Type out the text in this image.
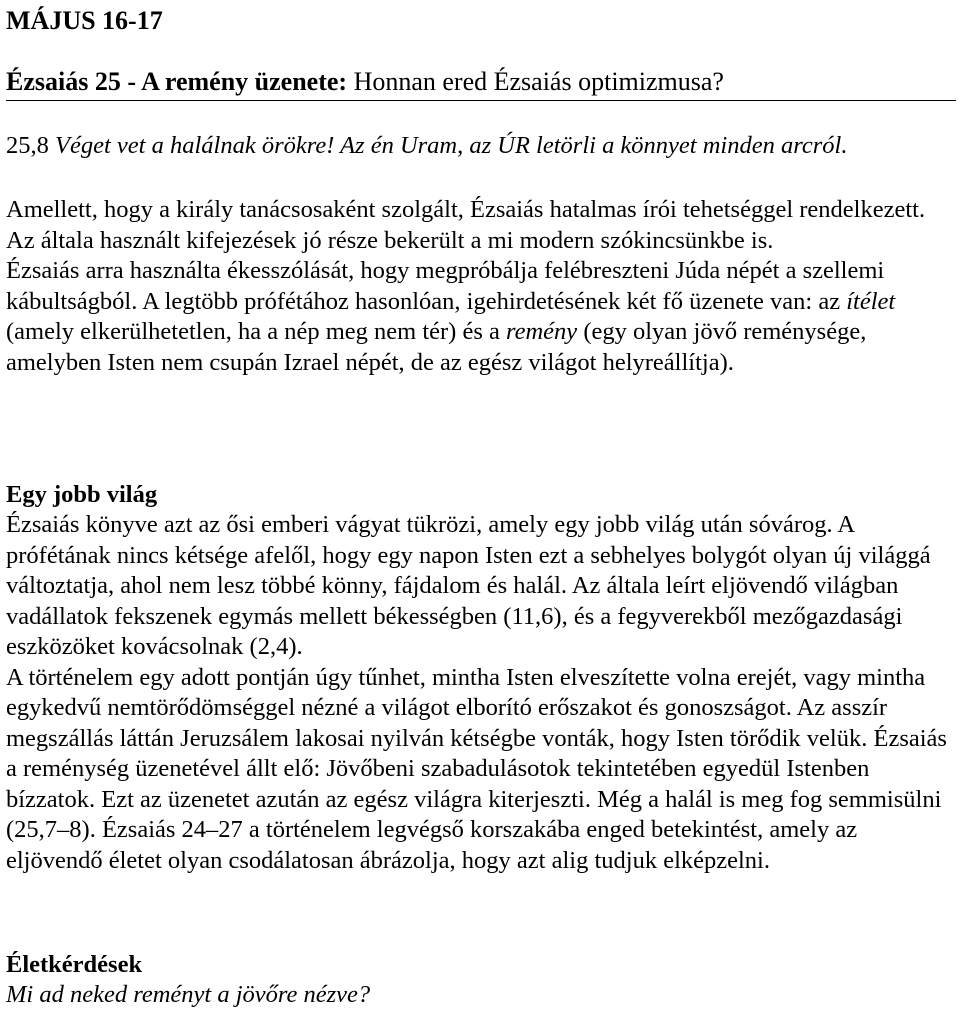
MÁJUS 16-17
Ézsaiás 25 - A remény üzenete: Honnan ered Ézsaiás optimizmusa?

25,8 Véget vet a halálnak örökre! Az én Uram, az ÚR letörli a könnyet minden arcról.

Amellett, hogy a király tanácsosaként szolgált, Ézsaiás hatalmas írói tehetséggel rendelkezett. Az általa használt kifejezések jó része bekerült a mi modern szókincsünkbe is.

Ézsaiás arra használta ékesszólását, hogy megpróbálja felébreszteni Júda népét a szellemi kábultságból. A legtöbb prófétához hasonlóan, igehirdetésének két fő üzenete van: az ítélet (amely elkerülhetetlen, ha a nép meg nem tér) és a remény (egy olyan jövő reménysége, amelyben Isten nem csupán Izrael népét, de az egész világot helyreállítja).

Egy jobb világ

Ézsaiás könyve azt az ősi emberi vágyat tükrözi, amely egy jobb világ után sóvárog. A prófétának nincs kétsége afelől, hogy egy napon Isten ezt a sebhelyes bolygót olyan új világgá változtatja, ahol nem lesz többé könny, fájdalom és halál. Az általa leírt eljövendő világban vadállatok fekszenek egymás mellett békességben (11,6), és a fegyverekből mezőgazdasági eszközöket kovácsolnak (2,4).

A történelem egy adott pontján úgy tűnhet, mintha Isten elveszítette volna erejét, vagy mintha egykedvű nemtörődömséggel nézné a világot elborító erőszakot és gonoszságot. Az asszír megszállás láttán Jeruzsálem lakosai nyilván kétségbe vonták, hogy Isten törődik velük. Ézsaiás a reménység üzenetével állt elő: Jövőbeni szabadulásotok tekintetében egyedül Istenben bízzatok. Ezt az üzenetet azután az egész világra kiterjeszti. Még a halál is meg fog semmisülni (25,7–8). Ézsaiás 24–27 a történelem legvégső korszakába enged betekintést, amely az eljövendő életet olyan csodálatosan ábrázolja, hogy azt alig tudjuk elképzelni.

Életkérdések

Mi ad neked reményt a jövőre nézve?
